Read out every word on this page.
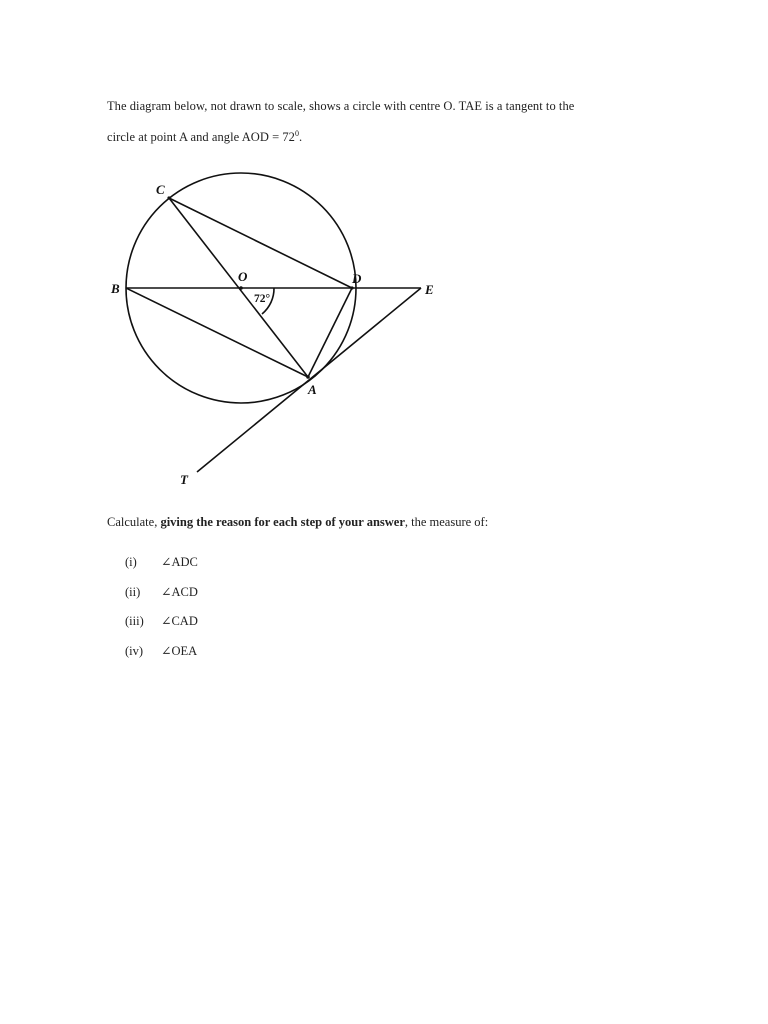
The diagram below, not drawn to scale, shows a circle with centre O. TAE is a tangent to the
circle at point A and angle AOD = $72^0$.
C
O
B
D
E
A
T
72°
Calculate, giving the reason for each step of your answer, the measure of:
(i) ∠ADC
(ii) ∠ACD
(iii) ∠CAD
(iv) ∠OEA
